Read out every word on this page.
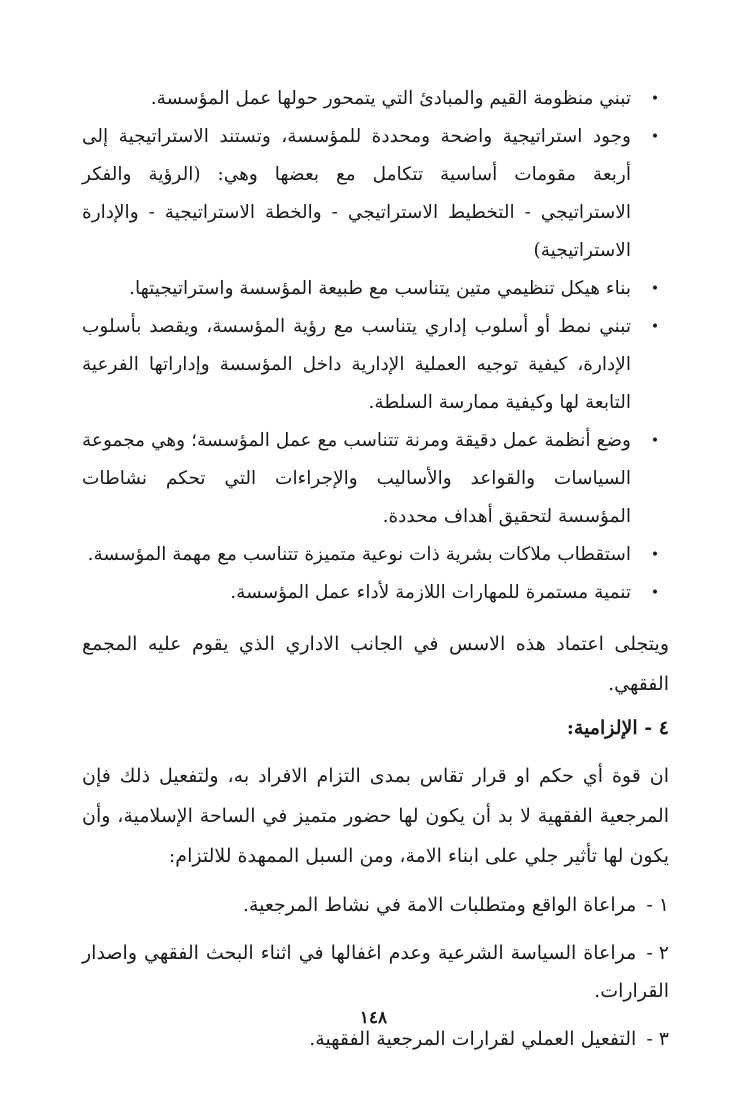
•
تبني منظومة القيم والمبادئ التي يتمحور حولها عمل المؤسسة.
•
وجود استراتيجية واضحة ومحددة للمؤسسة، وتستند الاستراتيجية إلى أربعة مقومات أساسية تتكامل مع بعضها وهي: (الرؤية والفكر الاستراتيجي - التخطيط الاستراتيجي - والخطة الاستراتيجية - والإدارة الاستراتيجية)
•
بناء هيكل تنظيمي متين يتناسب مع طبيعة المؤسسة واستراتيجيتها.
•
تبني نمط أو أسلوب إداري يتناسب مع رؤية المؤسسة، ويقصد بأسلوب الإدارة، كيفية توجيه العملية الإدارية داخل المؤسسة وإداراتها الفرعية التابعة لها وكيفية ممارسة السلطة.
•
وضع أنظمة عمل دقيقة ومرنة تتناسب مع عمل المؤسسة؛ وهي مجموعة السياسات والقواعد والأساليب والإجراءات التي تحكم نشاطات المؤسسة لتحقيق أهداف محددة.
•
استقطاب ملاكات بشرية ذات نوعية متميزة تتناسب مع مهمة المؤسسة.
•
تنمية مستمرة للمهارات اللازمة لأداء عمل المؤسسة.

ويتجلى اعتماد هذه الاسس في الجانب الاداري الذي يقوم عليه المجمع الفقهي.

٤ - الإلزامية:

ان قوة أي حكم او قرار تقاس بمدى التزام الافراد به، ولتفعيل ذلك فإن المرجعية الفقهية لا بد أن يكون لها حضور متميز في الساحة الإسلامية، وأن يكون لها تأثير جلي على ابناء الامة، ومن السبل الممهدة للالتزام:

١ -مراعاة الواقع ومتطلبات الامة في نشاط المرجعية.
٢ -مراعاة السياسة الشرعية وعدم اغفالها في اثناء البحث الفقهي واصدار القرارات.
٣ -التفعيل العملي لقرارات المرجعية الفقهية.
١٤٨
